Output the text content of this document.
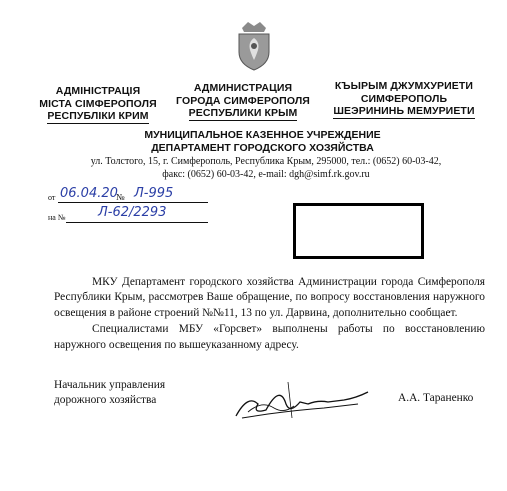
АДМІНІСТРАЦІЯ
МІСТА СІМФЕРОПОЛЯ
РЕСПУБЛІКИ КРИМ
АДМИНИСТРАЦИЯ
ГОРОДА СИМФЕРОПОЛЯ
РЕСПУБЛИКИ КРЫМ
КЪЫРЫМ ДЖУМХУРИЕТИ
СИМФЕРОПОЛЬ
ШЕЭРИНИНЬ МЕМУРИЕТИ
МУНИЦИПАЛЬНОЕ КАЗЕННОЕ УЧРЕЖДЕНИЕ
ДЕПАРТАМЕНТ ГОРОДСКОГО ХОЗЯЙСТВА
ул. Толстого, 15, г. Симферополь, Республика Крым, 295000, тел.: (0652) 60-03-42,
факс: (0652) 60-03-42, e-mail: dgh@simf.rk.gov.ru
от 06.04.20
№ Л-995
на №	Л-62/2293

МКУ Департамент городского хозяйства Администрации города Симферополя Республики Крым, рассмотрев Ваше обращение, по вопросу восстановления наружного освещения в районе строений №№11, 13 по ул. Дарвина, дополнительно сообщает.

Специалистами МБУ «Горсвет» выполнены работы по восстановлению наружного освещения по вышеуказанному адресу.

Начальник управления
дорожного хозяйства	А.А. Тараненко
